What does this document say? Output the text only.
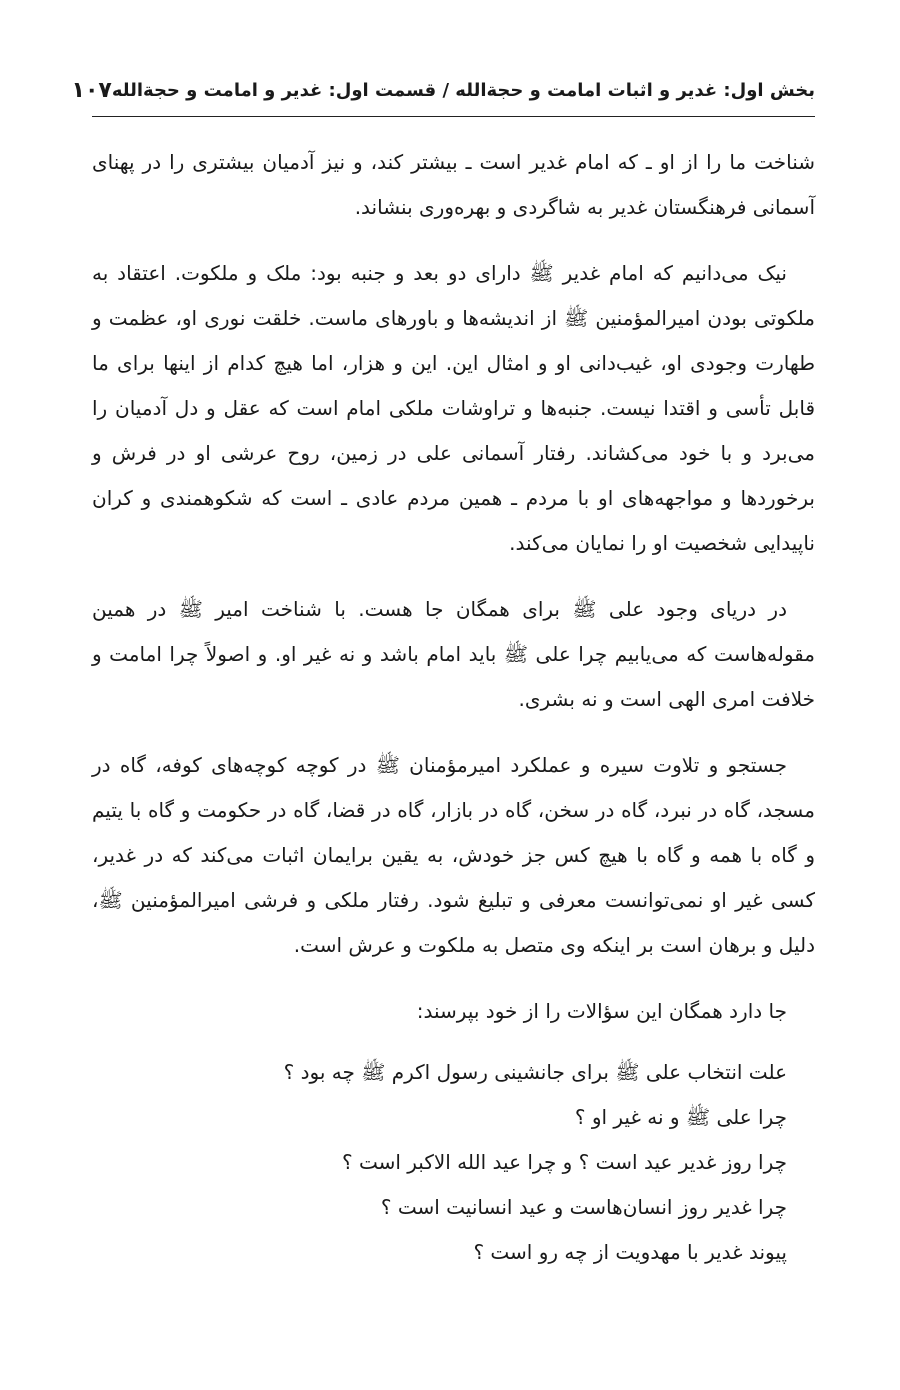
بخش اول: غدیر و اثبات امامت و حجةالله / قسمت اول: غدیر و امامت و حجةالله
۱۰۷

شناخت ما را از او ـ که امام غدیر است ـ بیشتر کند، و نیز آدمیان بیشتری را در پهنای آسمانی فرهنگستان غدیر به شاگردی و بهره‌وری بنشاند.

نیک می‌دانیم که امام غدیر ﷺ دارای دو بعد و جنبه بود: ملک و ملکوت. اعتقاد به ملکوتی بودن امیرالمؤمنین ﷺ از اندیشه‌ها و باورهای ماست. خلقت نوری او، عظمت و طهارت وجودی او، غیب‌دانی او و امثال این. این و هزار، اما هیچ کدام از اینها برای ما قابل تأسی و اقتدا نیست. جنبه‌ها و تراوشات ملکی امام است که عقل و دل آدمیان را می‌برد و با خود می‌کشاند. رفتار آسمانی علی در زمین، روح عرشی او در فرش و برخوردها و مواجهه‌های او با مردم ـ همین مردم عادی ـ است که شکوهمندی و کران ناپیدایی شخصیت او را نمایان می‌کند.

در دریای وجود علی ﷺ برای همگان جا هست. با شناخت امیر ﷺ در همین مقوله‌هاست که می‌یابیم چرا علی ﷺ باید امام باشد و نه غیر او. و اصولاً چرا امامت و خلافت امری الهی است و نه بشری.

جستجو و تلاوت سیره و عملکرد امیرمؤمنان ﷺ در کوچه کوچه‌های کوفه، گاه در مسجد، گاه در نبرد، گاه در سخن، گاه در بازار، گاه در قضا، گاه در حکومت و گاه با یتیم و گاه با همه و گاه با هیچ کس جز خودش، به یقین برایمان اثبات می‌کند که در غدیر، کسی غیر او نمی‌توانست معرفی و تبلیغ شود. رفتار ملکی و فرشی امیرالمؤمنین ﷺ، دلیل و برهان است بر اینکه وی متصل به ملکوت و عرش است.

جا دارد همگان این سؤالات را از خود بپرسند:

علت انتخاب علی ﷺ برای جانشینی رسول اکرم ﷺ چه بود ؟
چرا علی ﷺ و نه غیر او ؟
چرا روز غدیر عید است ؟ و چرا عید الله الاکبر است ؟
چرا غدیر روز انسان‌هاست و عید انسانیت است ؟
پیوند غدیر با مهدویت از چه رو است ؟
